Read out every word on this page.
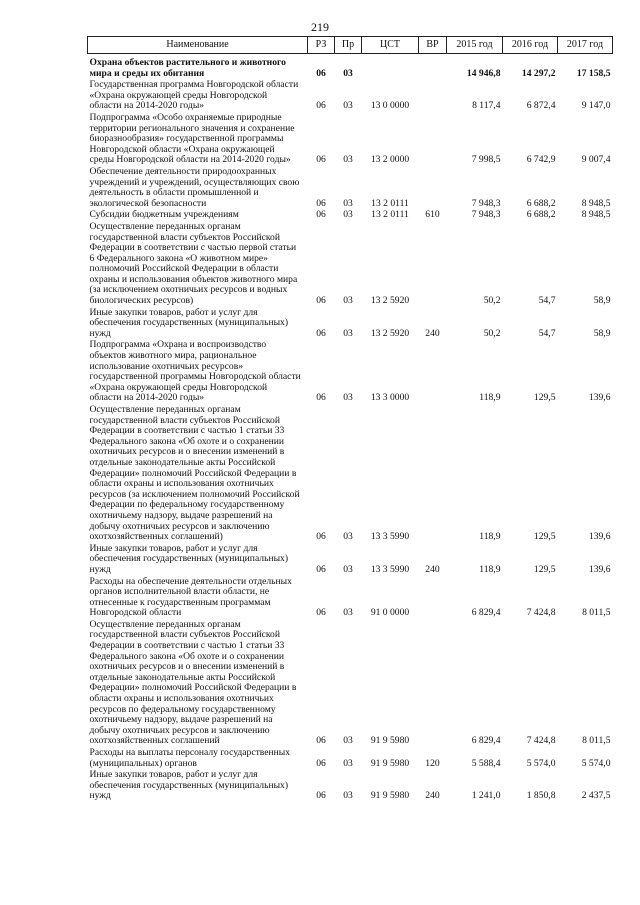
219
Наименование	РЗ	Пр	ЦСТ	ВР	2015 год	2016 год	2017 год
Охрана объектов растительного и животного мира и среды их обитания	06	03			14 946,8	14 297,2	17 158,5
Государственная программа Новгородской области «Охрана окружающей среды Новгородской области на 2014-2020 годы»	06	03	13 0 0000		8 117,4	6 872,4	9 147,0
Подпрограмма «Особо охраняемые природные территории регионального значения и сохранение биоразнообразия» государственной программы Новгородской области «Охрана окружающей среды Новгородской области на 2014-2020 годы»	06	03	13 2 0000		7 998,5	6 742,9	9 007,4
Обеспечение деятельности природоохранных учреждений и учреждений, осуществляющих свою деятельность в области промышленной и экологической безопасности	06	03	13 2 0111		7 948,3	6 688,2	8 948,5
Субсидии бюджетным учреждениям	06	03	13 2 0111	610	7 948,3	6 688,2	8 948,5
Осуществление переданных органам государственной власти субъектов Российской Федерации в соответствии с частью первой статьи 6 Федерального закона «О животном мире» полномочий Российской Федерации в области охраны и использования объектов животного мира (за исключением охотничьих ресурсов и водных биологических ресурсов)	06	03	13 2 5920		50,2	54,7	58,9
Иные закупки товаров, работ и услуг для обеспечения государственных (муниципальных) нужд	06	03	13 2 5920	240	50,2	54,7	58,9
Подпрограмма «Охрана и воспроизводство объектов животного мира, рациональное использование охотничьих ресурсов» государственной программы Новгородской области «Охрана окружающей среды Новгородской области на 2014-2020 годы»	06	03	13 3 0000		118,9	129,5	139,6
Осуществление переданных органам государственной власти субъектов Российской Федерации в соответствии с частью 1 статьи 33 Федерального закона «Об охоте и о сохранении охотничьих ресурсов и о внесении изменений в отдельные законодательные акты Российской Федерации» полномочий Российской Федерации в области охраны и использования охотничьих ресурсов (за исключением полномочий Российской Федерации по федеральному государственному охотничьему надзору, выдаче разрешений на добычу охотничьих ресурсов и заключению охотхозяйственных соглашений)	06	03	13 3 5990		118,9	129,5	139,6
Иные закупки товаров, работ и услуг для обеспечения государственных (муниципальных) нужд	06	03	13 3 5990	240	118,9	129,5	139,6
Расходы на обеспечение деятельности отдельных органов исполнительной власти области, не отнесенные к государственным программам Новгородской области	06	03	91 0 0000		6 829,4	7 424,8	8 011,5
Осуществление переданных органам государственной власти субъектов Российской Федерации в соответствии с частью 1 статьи 33 Федерального закона «Об охоте и о сохранении охотничьих ресурсов и о внесении изменений в отдельные законодательные акты Российской Федерации» полномочий Российской Федерации в области охраны и использования охотничьих ресурсов по федеральному государственному охотничьему надзору, выдаче разрешений на добычу охотничьих ресурсов и заключению охотхозяйственных соглашений	06	03	91 9 5980		6 829,4	7 424,8	8 011,5
Расходы на выплаты персоналу государственных (муниципальных) органов	06	03	91 9 5980	120	5 588,4	5 574,0	5 574,0
Иные закупки товаров, работ и услуг для обеспечения государственных (муниципальных) нужд	06	03	91 9 5980	240	1 241,0	1 850,8	2 437,5
